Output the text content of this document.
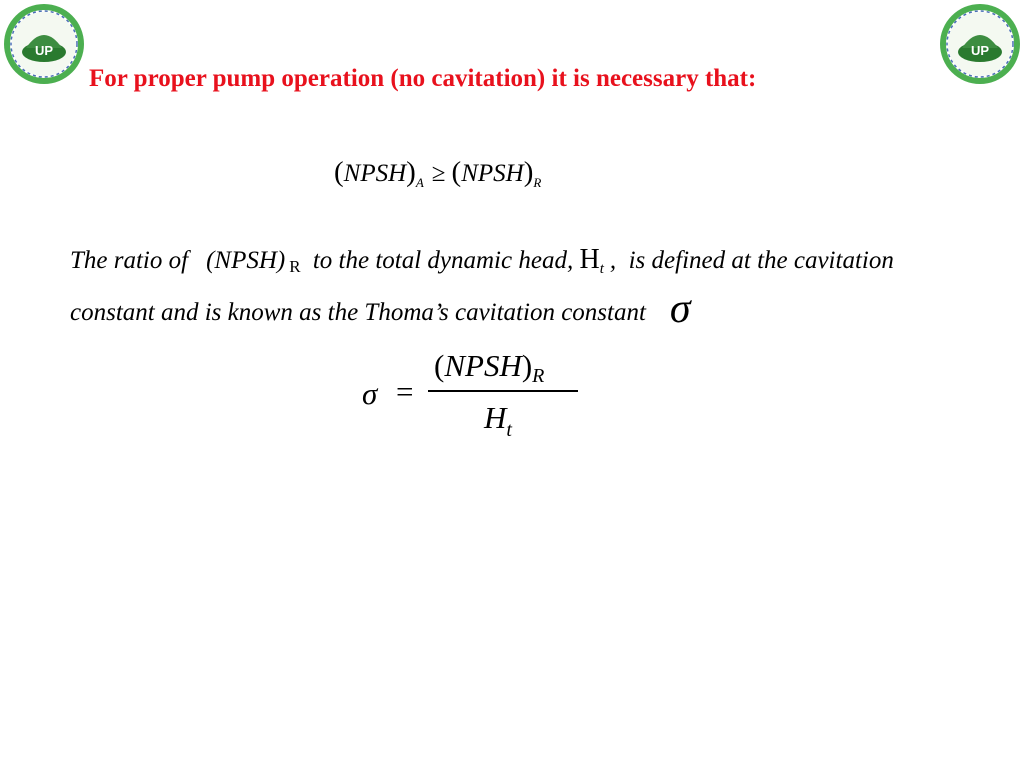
UP	UP

For proper pump operation (no cavitation) it is necessary that:

$(NPSH)_A$ ≥ $(NPSH)_R$

The ratio of (NPSH) R to the total dynamic head, $H_t$ , is defined at the cavitation constant and is known as the Thoma’s cavitation constant σ

σ =
$(NPSH)_R$
$H_t$
